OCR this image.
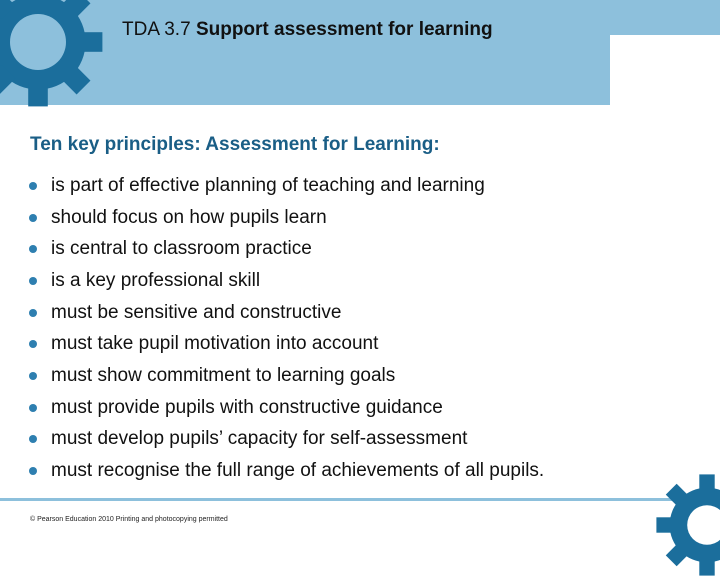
TDA 3.7 Support assessment for learning
Ten key principles: Assessment for Learning:
is part of effective planning of teaching and learning
should focus on how pupils learn
is central to classroom practice
is a key professional skill
must be sensitive and constructive
must take pupil motivation into account
must show commitment to learning goals
must provide pupils with constructive guidance
must develop pupils’ capacity for self-assessment
must recognise the full range of achievements of all pupils.
© Pearson Education 2010 Printing and photocopying permitted
